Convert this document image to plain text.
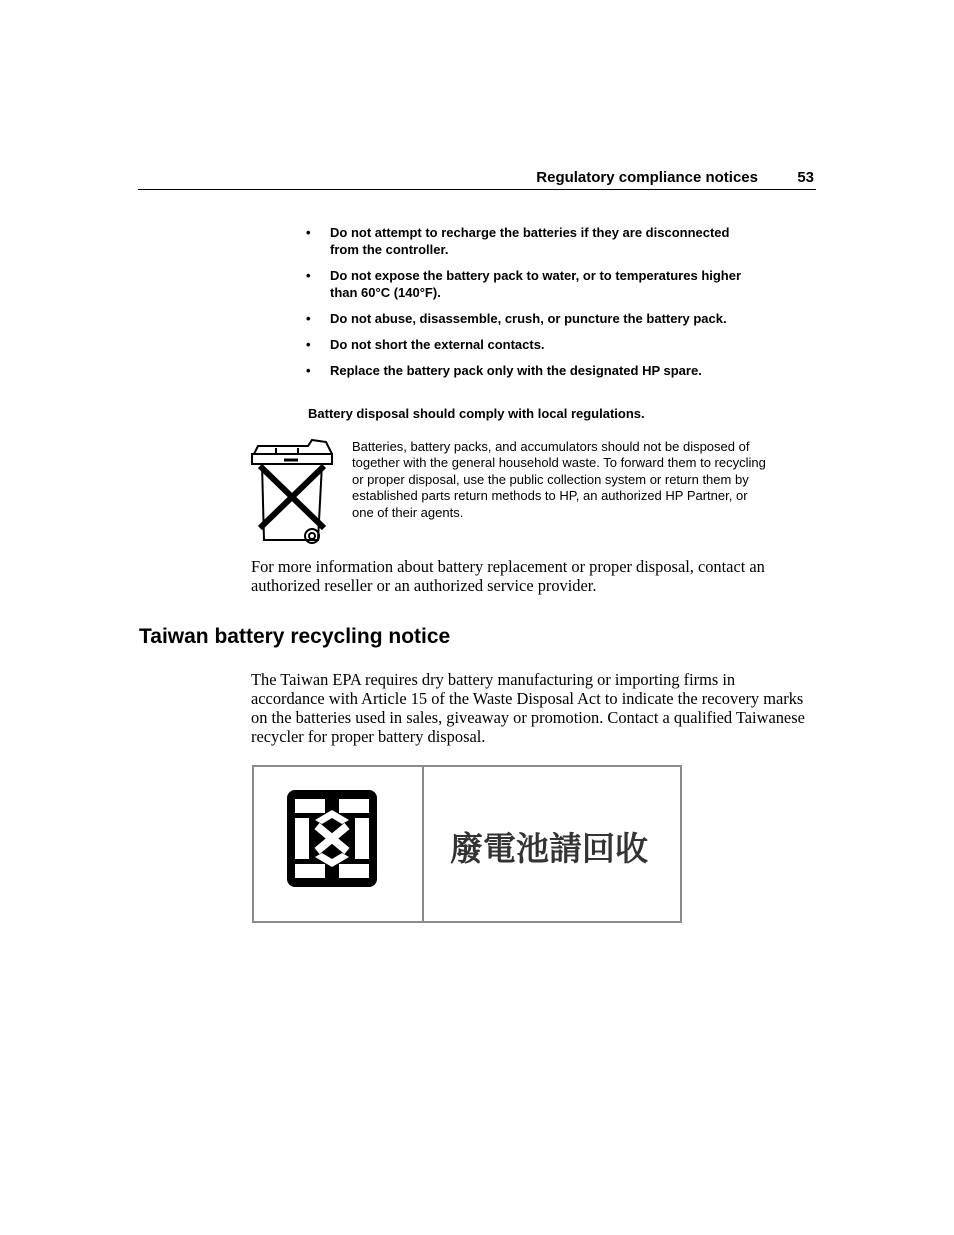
Regulatory compliance notices	53
• Do not attempt to recharge the batteries if they are disconnected from the controller.
• Do not expose the battery pack to water, or to temperatures higher than 60°C (140°F).
• Do not abuse, disassemble, crush, or puncture the battery pack.
• Do not short the external contacts.
• Replace the battery pack only with the designated HP spare.
Battery disposal should comply with local regulations.
Batteries, battery packs, and accumulators should not be disposed of together with the general household waste. To forward them to recycling or proper disposal, use the public collection system or return them by established parts return methods to HP, an authorized HP Partner, or one of their agents.
For more information about battery replacement or proper disposal, contact an authorized reseller or an authorized service provider.
Taiwan battery recycling notice
The Taiwan EPA requires dry battery manufacturing or importing firms in accordance with Article 15 of the Waste Disposal Act to indicate the recovery marks on the batteries used in sales, giveaway or promotion. Contact a qualified Taiwanese recycler for proper battery disposal.
廢電池請回收
